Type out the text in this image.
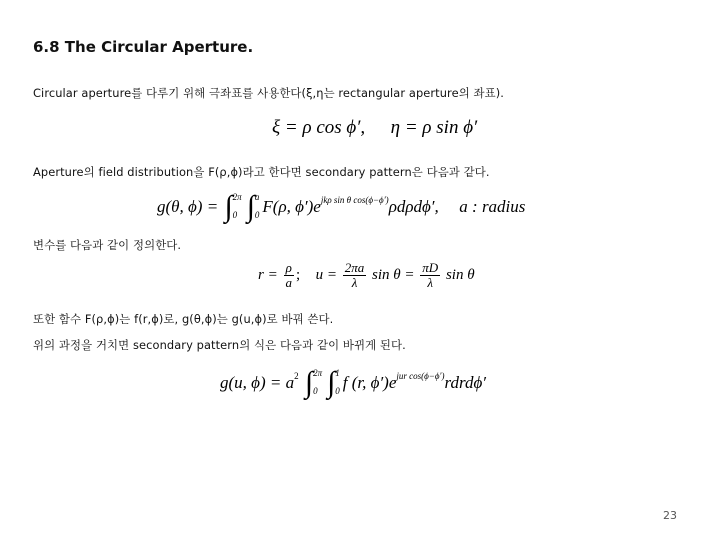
6.8 The Circular Aperture.
Circular aperture를 다루기 위해 극좌표를 사용한다(ξ,η는 rectangular aperture의 좌표).
ξ = ρ cos ϕ′, η = ρ sin ϕ′
Aperture의 field distribution을 F(ρ,ϕ)라고 한다면 secondary pattern은 다음과 같다.
g(θ, ϕ) = ∫ 2π
0 ∫ a
0 F(ρ, $\phi')e^{jk\rho sin \theta cos(\phi-\phi')}\rho d\rho d\phi'$, a : radius
변수를 다음과 같이 정의한다.
$r = \frac{\rho}{a}$ ; $u = \frac{2\pi a}{\lambda}$ $\sin \theta = \frac{\pi D}{\lambda}$ sin θ
또한 함수 F(ρ,ϕ)는 f(r,ϕ)로, g(θ,ϕ)는 g(u,ϕ)로 바꿔 쓴다.
위의 과정을 거치면 secondary pattern의 식은 다음과 같이 바뀌게 된다.
g(u, $\phi) = a^2$ ∫ 2π
0 ∫ 1
0 f (r, $\phi')e^{jur cos(\phi-\phi')}rdrd\phi'$
23
